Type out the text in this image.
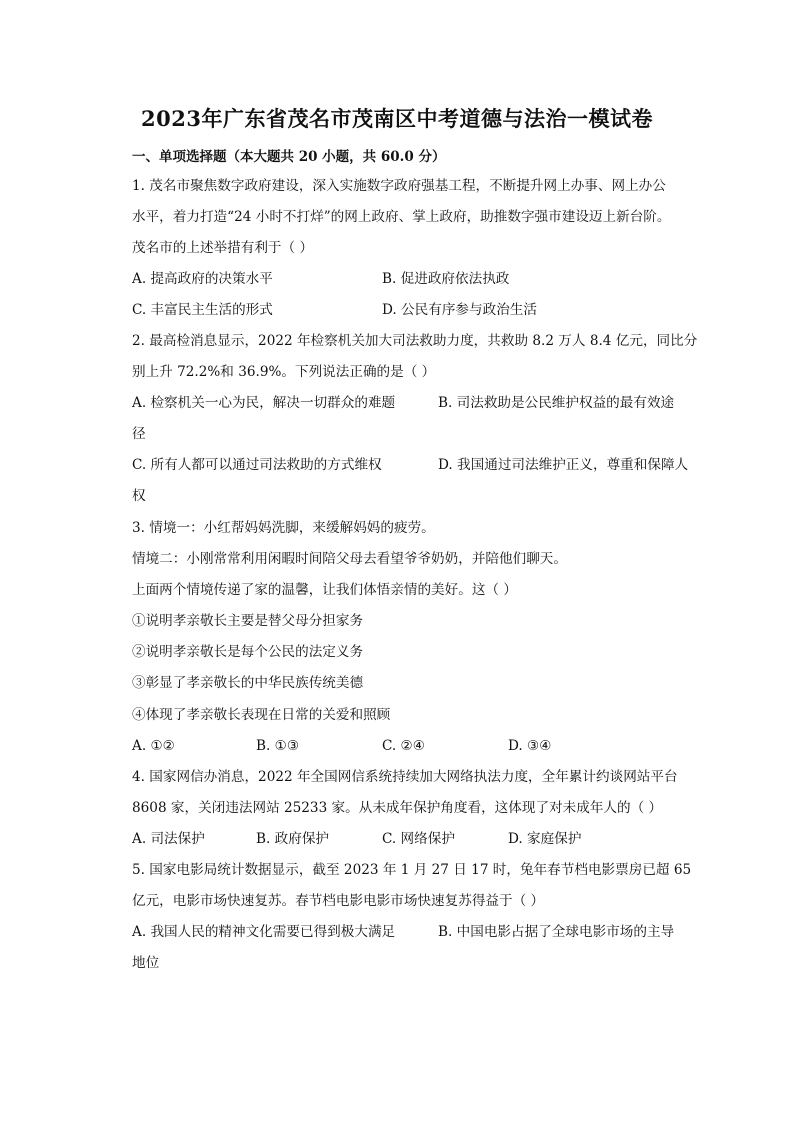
2023年广东省茂名市茂南区中考道德与法治一模试卷
一、单项选择题（本大题共 20 小题，共 60.0 分）
1. 茂名市聚焦数字政府建设，深入实施数字政府强基工程，不断提升网上办事、网上办公
水平，着力打造“24 小时不打烊”的网上政府、掌上政府，助推数字强市建设迈上新台阶。
茂名市的上述举措有利于（ ）
A. 提高政府的决策水平	B. 促进政府依法执政
C. 丰富民主生活的形式	D. 公民有序参与政治生活
2. 最高检消息显示，2022 年检察机关加大司法救助力度，共救助 8.2 万人 8.4 亿元，同比分
别上升 72.2%和 36.9%。下列说法正确的是（ ）
A. 检察机关一心为民，解决一切群众的难题	B. 司法救助是公民维护权益的最有效途
径
C. 所有人都可以通过司法救助的方式维权	D. 我国通过司法维护正义，尊重和保障人
权
3. 情境一：小红帮妈妈洗脚，来缓解妈妈的疲劳。
情境二：小刚常常利用闲暇时间陪父母去看望爷爷奶奶，并陪他们聊天。
上面两个情境传递了家的温馨，让我们体悟亲情的美好。这（ ）
①说明孝亲敬长主要是替父母分担家务
②说明孝亲敬长是每个公民的法定义务
③彰显了孝亲敬长的中华民族传统美德
④体现了孝亲敬长表现在日常的关爱和照顾
A. ①②	B. ①③	C. ②④	D. ③④
4. 国家网信办消息，2022 年全国网信系统持续加大网络执法力度，全年累计约谈网站平台
8608 家，关闭违法网站 25233 家。从未成年保护角度看，这体现了对未成年人的（ ）
A. 司法保护	B. 政府保护	C. 网络保护	D. 家庭保护
5. 国家电影局统计数据显示，截至 2023 年 1 月 27 日 17 时，兔年春节档电影票房已超 65
亿元，电影市场快速复苏。春节档电影电影市场快速复苏得益于（ ）
A. 我国人民的精神文化需要已得到极大满足	B. 中国电影占据了全球电影市场的主导
地位
